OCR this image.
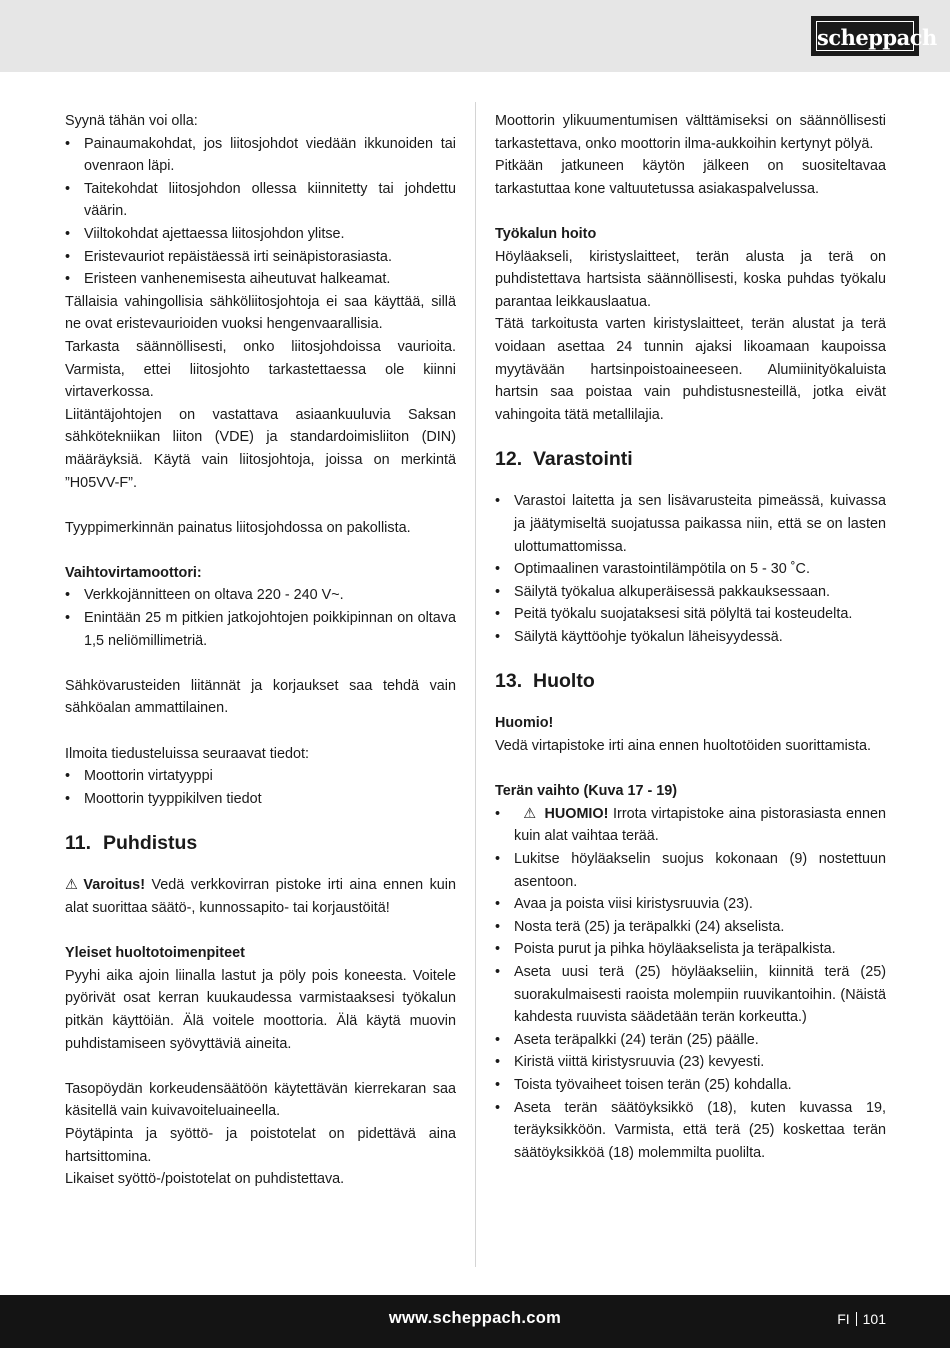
scheppach

Syynä tähän voi olla:

• Painaumakohdat, jos liitosjohdot viedään ikkunoiden tai ovenraon läpi.
• Taitekohdat liitosjohdon ollessa kiinnitetty tai johdettu väärin.
• Viiltokohdat ajettaessa liitosjohdon ylitse.
• Eristevauriot repäistäessä irti seinäpistorasiasta.
• Eristeen vanhenemisesta aiheutuvat halkeamat.

Tällaisia vahingollisia sähköliitosjohtoja ei saa käyttää, sillä ne ovat eristevaurioiden vuoksi hengenvaarallisia.

Tarkasta säännöllisesti, onko liitosjohdoissa vaurioita. Varmista, ettei liitosjohto tarkastettaessa ole kiinni virtaverkossa.

Liitäntäjohtojen on vastattava asiaankuuluvia Saksan sähkötekniikan liiton (VDE) ja standardoimisliiton (DIN) määräyksiä. Käytä vain liitosjohtoja, joissa on merkintä ”H05VV-F”.

Tyyppimerkinnän painatus liitosjohdossa on pakollista.

Vaihtovirtamoottori:

• Verkkojännitteen on oltava 220 - 240 V~.
• Enintään 25 m pitkien jatkojohtojen poikkipinnan on oltava 1,5 neliömillimetriä.

Sähkövarusteiden liitännät ja korjaukset saa tehdä vain sähköalan ammattilainen.

Ilmoita tiedusteluissa seuraavat tiedot:

• Moottorin virtatyyppi
• Moottorin tyyppikilven tiedot
11. Puhdistus

⚠ Varoitus! Vedä verkkovirran pistoke irti aina ennen kuin alat suorittaa säätö-, kunnossapito- tai korjaustöitä!

Yleiset huoltotoimenpiteet

Pyyhi aika ajoin liinalla lastut ja pöly pois koneesta. Voitele pyörivät osat kerran kuukaudessa varmistaaksesi työkalun pitkän käyttöiän. Älä voitele moottoria. Älä käytä muovin puhdistamiseen syövyttäviä aineita.

Tasopöydän korkeudensäätöön käytettävän kierrekaran saa käsitellä vain kuivavoiteluaineella.

Pöytäpinta ja syöttö- ja poistotelat on pidettävä aina hartsittomina.

Likaiset syöttö-/poistotelat on puhdistettava.

Moottorin ylikuumentumisen välttämiseksi on säännöllisesti tarkastettava, onko moottorin ilma-aukkoihin kertynyt pölyä.

Pitkään jatkuneen käytön jälkeen on suositeltavaa tarkastuttaa kone valtuutetussa asiakaspalvelussa.

Työkalun hoito

Höyläakseli, kiristyslaitteet, terän alusta ja terä on puhdistettava hartsista säännöllisesti, koska puhdas työkalu parantaa leikkauslaatua.

Tätä tarkoitusta varten kiristyslaitteet, terän alustat ja terä voidaan asettaa 24 tunnin ajaksi likoamaan kaupoissa myytävään hartsinpoistoaineeseen. Alumiinityökaluista hartsin saa poistaa vain puhdistusnesteillä, jotka eivät vahingoita tätä metallilajia.

12. Varastointi
• Varastoi laitetta ja sen lisävarusteita pimeässä, kuivassa ja jäätymiseltä suojatussa paikassa niin, että se on lasten ulottumattomissa.
• Optimaalinen varastointilämpötila on 5 - 30 ˚C.
• Säilytä työkalua alkuperäisessä pakkauksessaan.
• Peitä työkalu suojataksesi sitä pölyltä tai kosteudelta.
• Säilytä käyttöohje työkalun läheisyydessä.
13. Huolto

Huomio!

Vedä virtapistoke irti aina ennen huoltotöiden suorittamista.

Terän vaihto (Kuva 17 - 19)

•   ⚠ HUOMIO! Irrota virtapistoke aina pistorasiasta ennen kuin alat vaihtaa terää.
• Lukitse höyläakselin suojus kokonaan (9) nostettuun asentoon.
• Avaa ja poista viisi kiristysruuvia (23).
• Nosta terä (25) ja teräpalkki (24) akselista.
• Poista purut ja pihka höyläakselista ja teräpalkista.
• Aseta uusi terä (25) höyläakseliin, kiinnitä terä (25) suorakulmaisesti raoista molempiin ruuvikantoihin. (Näistä kahdesta ruuvista säädetään terän korkeutta.)
• Aseta teräpalkki (24) terän (25) päälle.
• Kiristä viittä kiristysruuvia (23) kevyesti.
• Toista työvaiheet toisen terän (25) kohdalla.
• Aseta terän säätöyksikkö (18), kuten kuvassa 19, teräyksikköön. Varmista, että terä (25) koskettaa terän säätöyksikköä (18) molemmilta puolilta.
www.scheppach.com	FI 101
